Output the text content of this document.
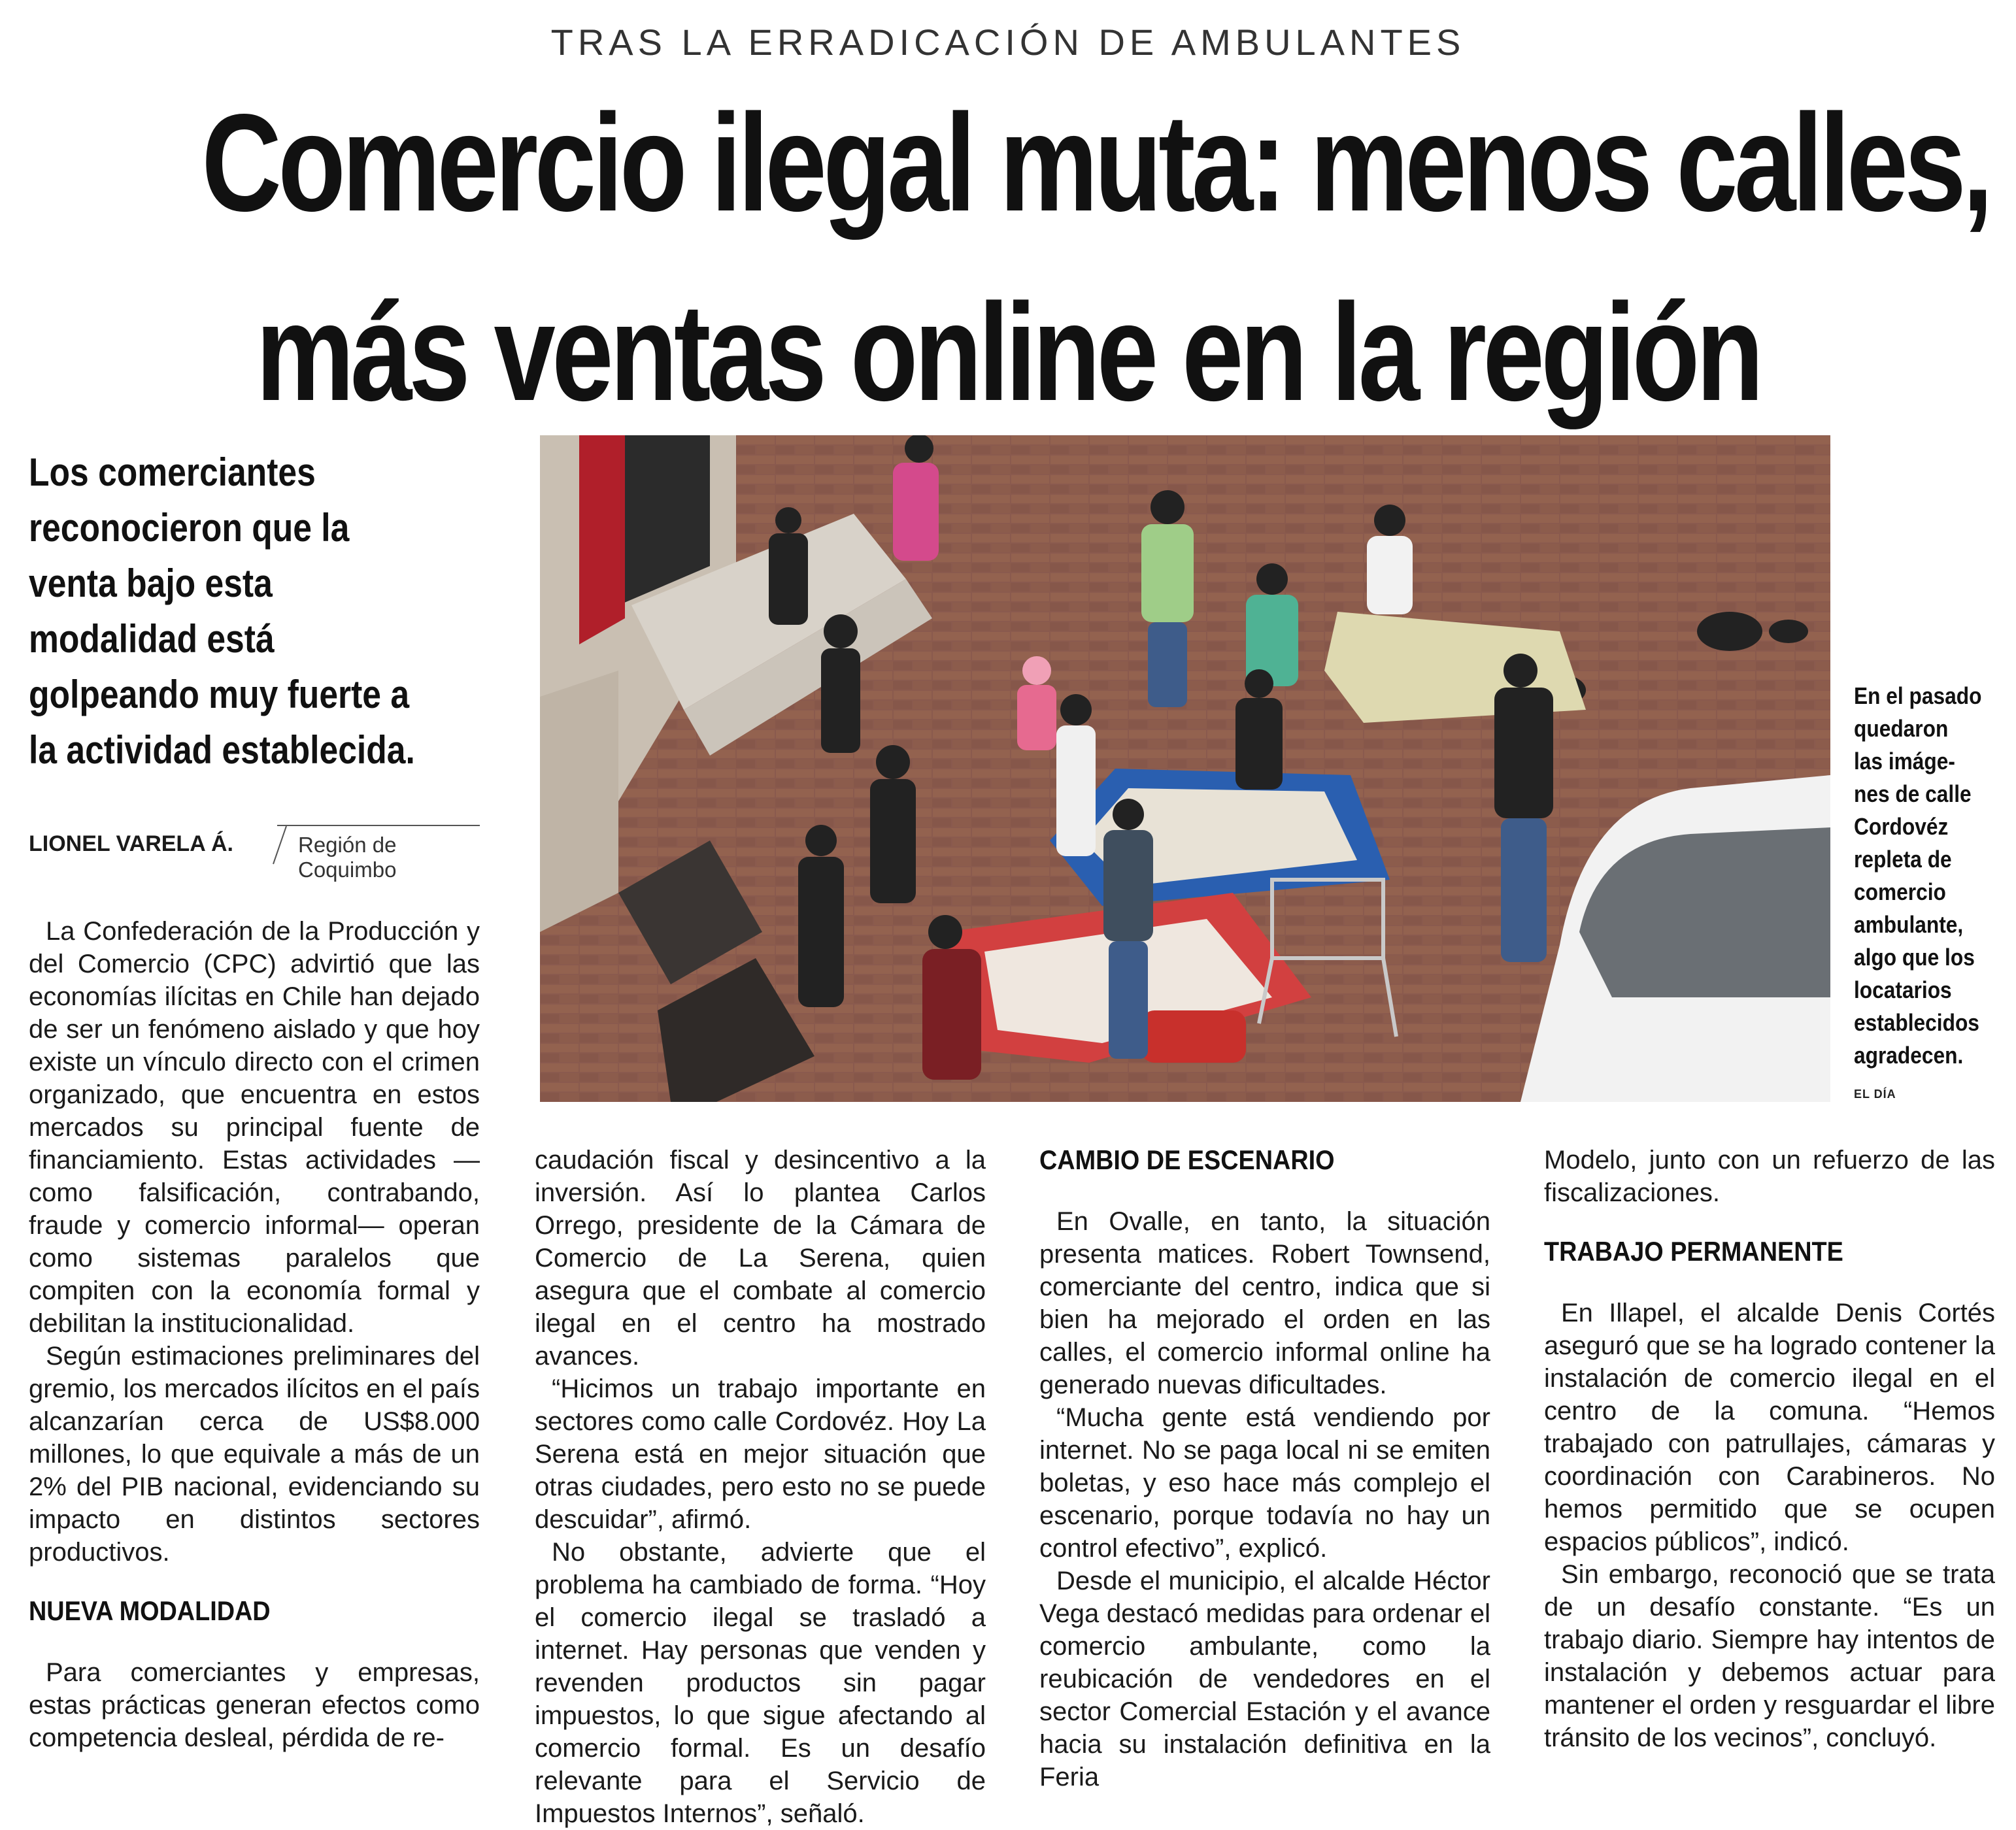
TRAS LA ERRADICACIÓN DE AMBULANTES
Comercio ilegal muta: menos calles,
más ventas online en la región
Los comerciantes reconocieron que la venta bajo esta modalidad está golpeando muy fuerte a la actividad establecida.
LIONEL VARELA Á.	Región de Coquimbo
En el pasado quedaron las imáge- nes de calle Cordovéz repleta de comercio ambulante, algo que los locatarios establecidos agradecen.
EL DÍA

La Confederación de la Producción y del Comercio (CPC) advirtió que las economías ilícitas en Chile han dejado de ser un fenómeno aislado y que hoy existe un vínculo directo con el crimen organizado, que encuentra en estos mercados su principal fuente de financiamiento. Estas actividades —como falsificación, contrabando, fraude y comercio informal— operan como sistemas paralelos que compiten con la economía formal y debilitan la institucionalidad.

Según estimaciones preliminares del gremio, los mercados ilícitos en el país alcanzarían cerca de US$8.000 millones, lo que equivale a más de un 2% del PIB nacional, evidenciando su impacto en distintos sectores productivos.

NUEVA MODALIDAD

Para comerciantes y empresas, estas prácticas generan efectos como competencia desleal, pérdida de re-

caudación fiscal y desincentivo a la inversión. Así lo plantea Carlos Orrego, presidente de la Cámara de Comercio de La Serena, quien asegura que el combate al comercio ilegal en el centro ha mostrado avances.

“Hicimos un trabajo importante en sectores como calle Cordovéz. Hoy La Serena está en mejor situación que otras ciudades, pero esto no se puede descuidar”, afirmó.

No obstante, advierte que el problema ha cambiado de forma. “Hoy el comercio ilegal se trasladó a internet. Hay personas que venden y revenden productos sin pagar impuestos, lo que sigue afectando al comercio formal. Es un desafío relevante para el Servicio de Impuestos Internos”, señaló.

CAMBIO DE ESCENARIO

En Ovalle, en tanto, la situación presenta matices. Robert Townsend, comerciante del centro, indica que si bien ha mejorado el orden en las calles, el comercio informal online ha generado nuevas dificultades.

“Mucha gente está vendiendo por internet. No se paga local ni se emiten boletas, y eso hace más complejo el escenario, porque todavía no hay un control efectivo”, explicó.

Desde el municipio, el alcalde Héctor Vega destacó medidas para ordenar el comercio ambulante, como la reubicación de vendedores en el sector Comercial Estación y el avance hacia su instalación definitiva en la Feria

Modelo, junto con un refuerzo de las fiscalizaciones.

TRABAJO PERMANENTE

En Illapel, el alcalde Denis Cortés aseguró que se ha logrado contener la instalación de comercio ilegal en el centro de la comuna. “Hemos trabajado con patrullajes, cámaras y coordinación con Carabineros. No hemos permitido que se ocupen espacios públicos”, indicó.

Sin embargo, reconoció que se trata de un desafío constante. “Es un trabajo diario. Siempre hay intentos de instalación y debemos actuar para mantener el orden y resguardar el libre tránsito de los vecinos”, concluyó.
